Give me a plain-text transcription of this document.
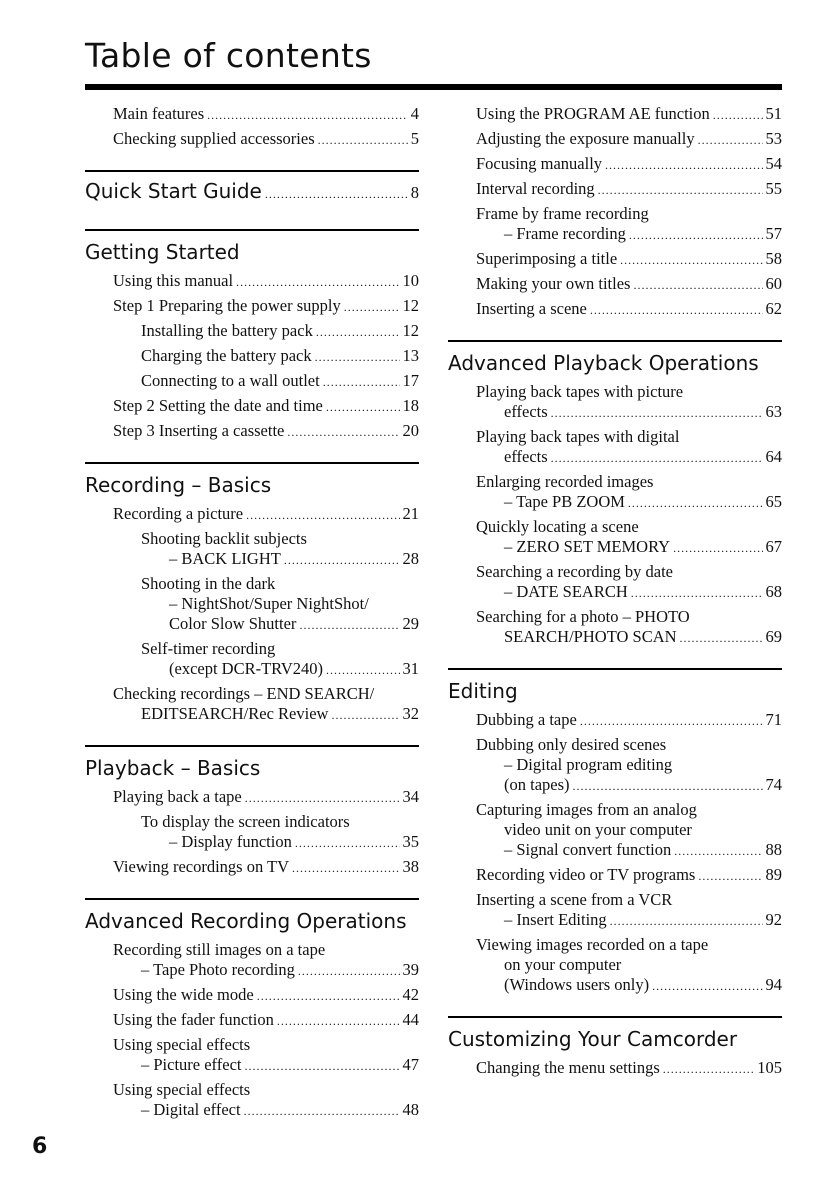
Table of contents
Main features .....	4
Checking supplied accessories .....	5
Quick Start Guide .....	8
Getting Started
Using this manual .....	10
Step 1 Preparing the power supply .....	12
Installing the battery pack .....	12
Charging the battery pack .....	13
Connecting to a wall outlet .....	17
Step 2 Setting the date and time .....	18
Step 3 Inserting a cassette .....	20
Recording – Basics
Recording a picture .....	21
Shooting backlit subjects
– BACK LIGHT .....	28
Shooting in the dark
– NightShot/Super NightShot/
Color Slow Shutter .....	29
Self-timer recording
(except DCR-TRV240) .....	31
Checking recordings – END SEARCH/
EDITSEARCH/Rec Review .....	32
Playback – Basics
Playing back a tape .....	34
To display the screen indicators
– Display function .....	35
Viewing recordings on TV .....	38
Advanced Recording Operations
Recording still images on a tape
– Tape Photo recording .....	39
Using the wide mode .....	42
Using the fader function .....	44
Using special effects
– Picture effect .....	47
Using special effects
– Digital effect .....	48
Using the PROGRAM AE function .....	51
Adjusting the exposure manually .....	53
Focusing manually .....	54
Interval recording .....	55
Frame by frame recording
– Frame recording .....	57
Superimposing a title .....	58
Making your own titles .....	60
Inserting a scene .....	62
Advanced Playback Operations
Playing back tapes with picture
effects .....	63
Playing back tapes with digital
effects .....	64
Enlarging recorded images
– Tape PB ZOOM .....	65
Quickly locating a scene
– ZERO SET MEMORY .....	67
Searching a recording by date
– DATE SEARCH .....	68
Searching for a photo – PHOTO
SEARCH/PHOTO SCAN .....	69
Editing
Dubbing a tape .....	71
Dubbing only desired scenes
– Digital program editing
(on tapes) .....	74
Capturing images from an analog
video unit on your computer
– Signal convert function .....	88
Recording video or TV programs .....	89
Inserting a scene from a VCR
– Insert Editing .....	92
Viewing images recorded on a tape
on your computer
(Windows users only) .....	94
Customizing Your Camcorder
Changing the menu settings .....	105
6
